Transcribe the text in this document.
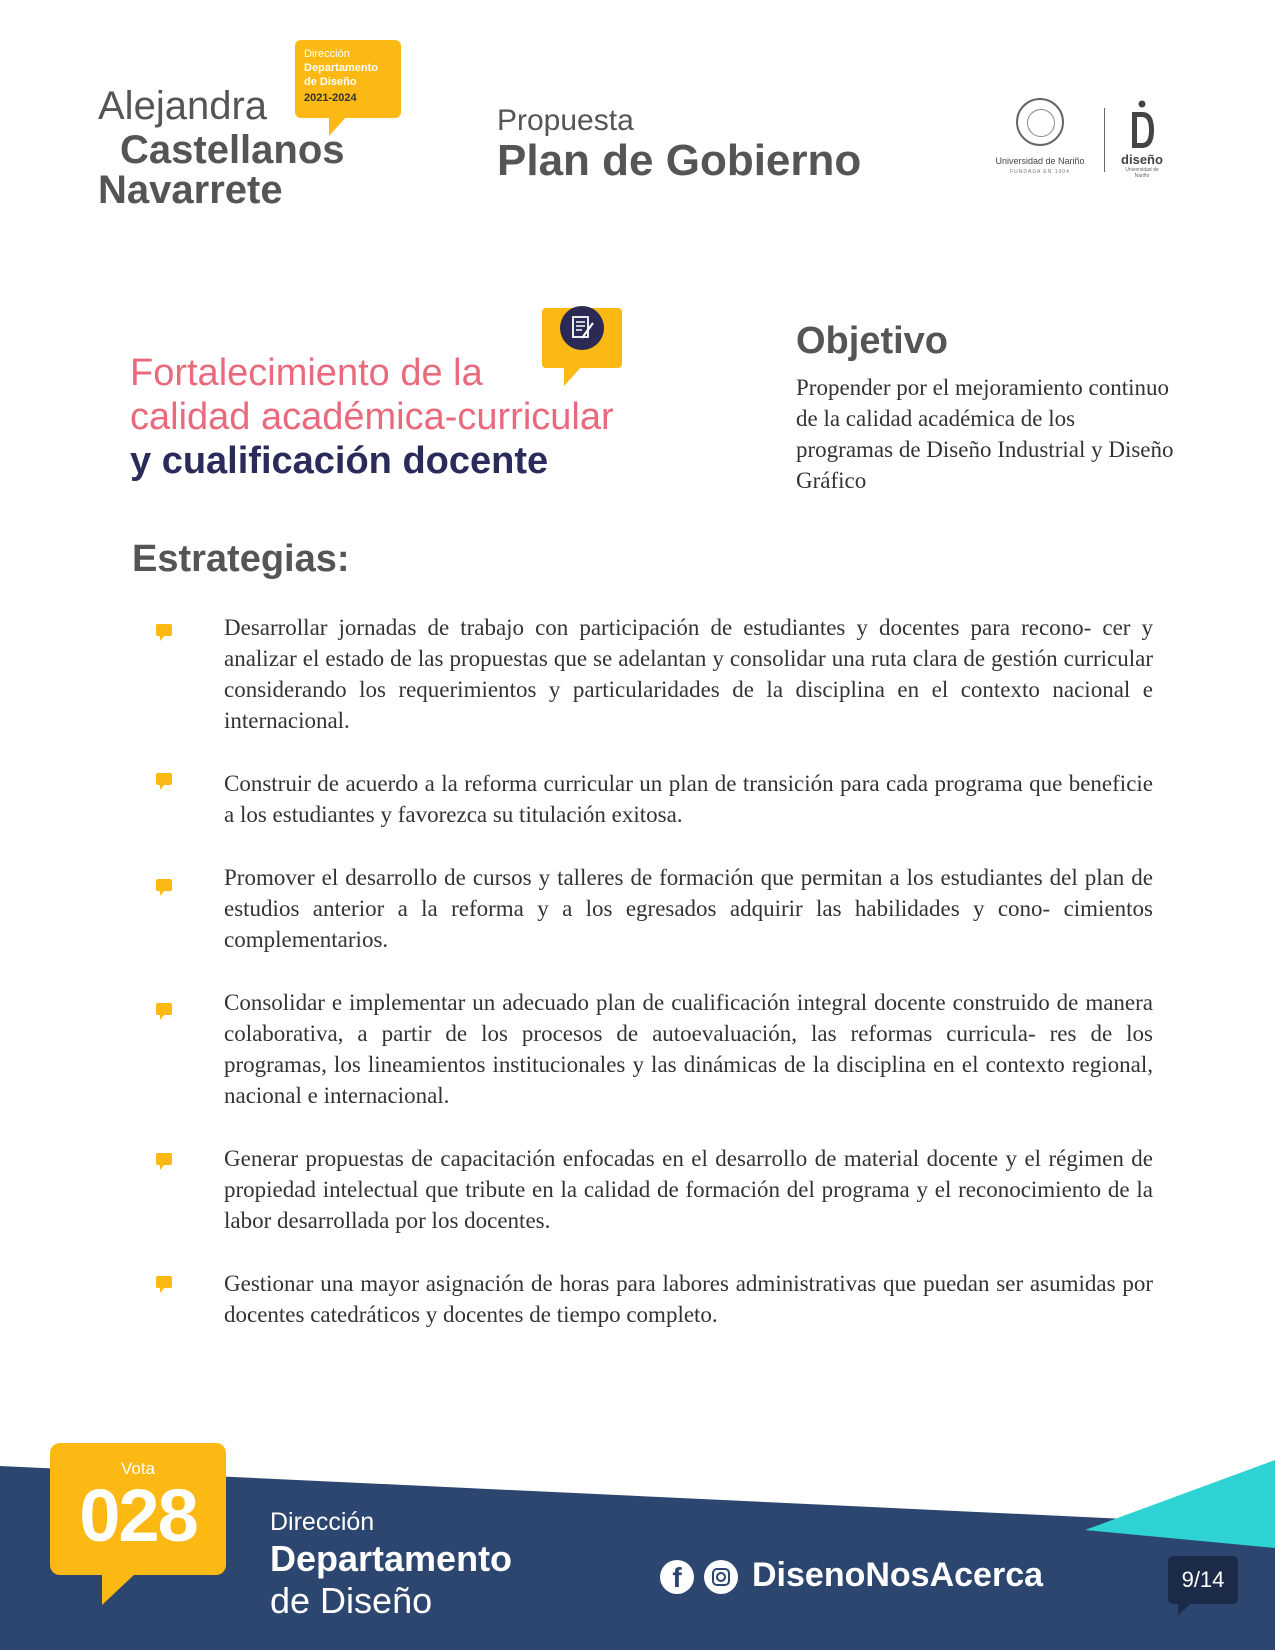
Alejandra
Castellanos
Navarrete
Dirección
Departamento
de Diseño
2021-2024
Propuesta
Plan de Gobierno	Universidad de Nariño
FUNDADA EN 1904
diseño
Universidad de Nariño
Fortalecimiento de la
calidad académica-curricular
y cualificación docente
Objetivo
Propender por el mejoramiento continuo de la calidad académica de los programas de Diseño Industrial y Diseño Gráfico
Estrategias:
Desarrollar jornadas de trabajo con participación de estudiantes y docentes para recono- cer y analizar el estado de las propuestas que se adelantan y consolidar una ruta clara de gestión curricular considerando los requerimientos y particularidades de la disciplina en el contexto nacional e internacional.
Construir de acuerdo a la reforma curricular un plan de transición para cada programa que beneficie a los estudiantes y favorezca su titulación exitosa.
Promover el desarrollo de cursos y talleres de formación que permitan a los estudiantes del plan de estudios anterior a la reforma y a los egresados adquirir las habilidades y cono- cimientos complementarios.
Consolidar e implementar un adecuado plan de cualificación integral docente construido de manera colaborativa, a partir de los procesos de autoevaluación, las reformas curricula- res de los programas, los lineamientos institucionales y las dinámicas de la disciplina en el contexto regional, nacional e internacional.
Generar propuestas de capacitación enfocadas en el desarrollo de material docente y el régimen de propiedad intelectual que tribute en la calidad de formación del programa y el reconocimiento de la labor desarrollada por los docentes.
Gestionar una mayor asignación de horas para labores administrativas que puedan ser asumidas por docentes catedráticos y docentes de tiempo completo.
Vota
028	Dirección
Departamento
de Diseño
f	DisenoNosAcerca	9/14
